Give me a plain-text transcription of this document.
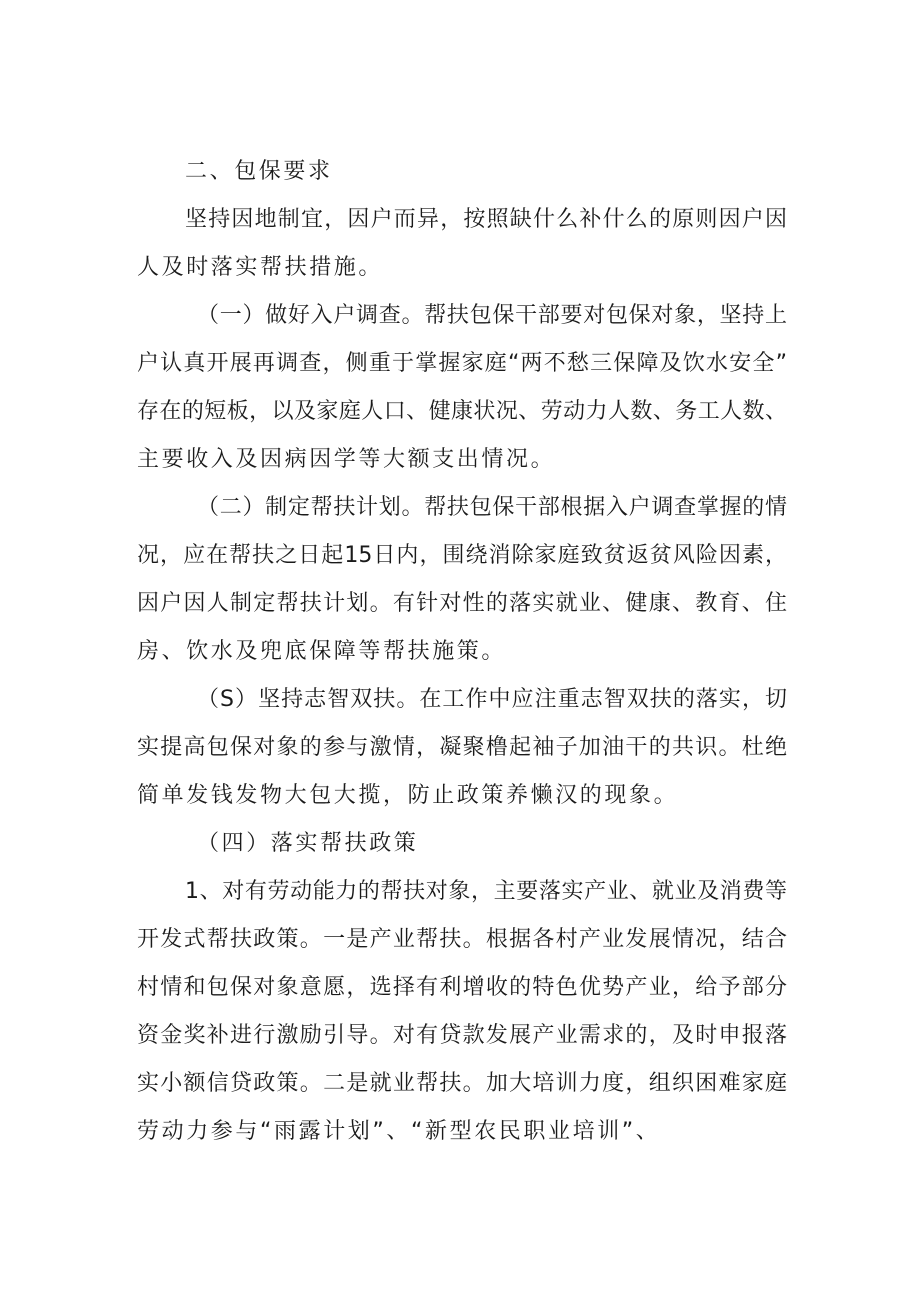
二、包保要求
坚持因地制宜，因户而异，按照缺什么补什么的原则因户因
人及时落实帮扶措施。
（一）做好入户调查。帮扶包保干部要对包保对象，坚持上
户认真开展再调查，侧重于掌握家庭“两不愁三保障及饮水安全”
存在的短板，以及家庭人口、健康状况、劳动力人数、务工人数、
主要收入及因病因学等大额支出情况。
（二）制定帮扶计划。帮扶包保干部根据入户调查掌握的情
况，应在帮扶之日起15日内，围绕消除家庭致贫返贫风险因素，
因户因人制定帮扶计划。有针对性的落实就业、健康、教育、住
房、饮水及兜底保障等帮扶施策。
（S）坚持志智双扶。在工作中应注重志智双扶的落实，切
实提高包保对象的参与激情，凝聚橹起袖子加油干的共识。杜绝
简单发钱发物大包大揽，防止政策养懒汉的现象。
（四）落实帮扶政策
1、对有劳动能力的帮扶对象，主要落实产业、就业及消费等
开发式帮扶政策。一是产业帮扶。根据各村产业发展情况，结合
村情和包保对象意愿，选择有利增收的特色优势产业，给予部分
资金奖补进行激励引导。对有贷款发展产业需求的，及时申报落
实小额信贷政策。二是就业帮扶。加大培训力度，组织困难家庭
劳动力参与“雨露计划”、“新型农民职业培训”、
